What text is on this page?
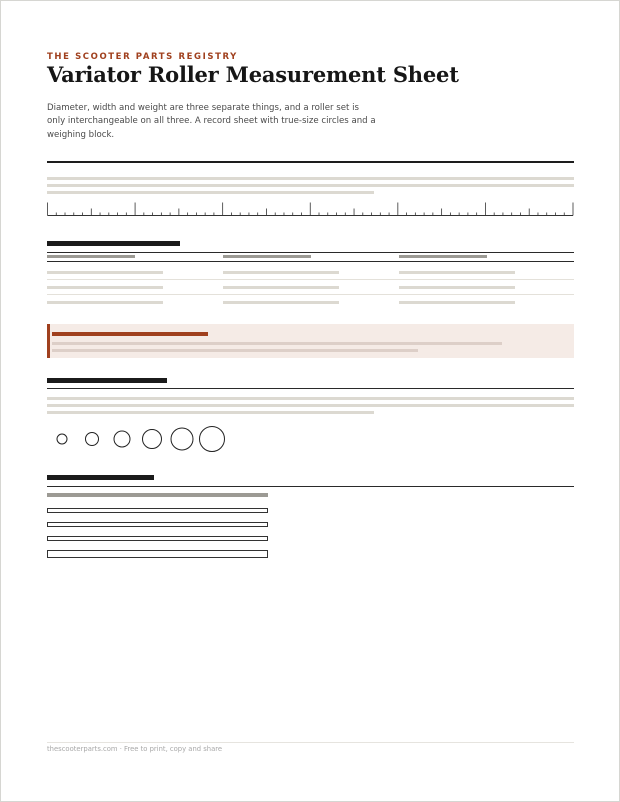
THE SCOOTER PARTS REGISTRY
Variator Roller Measurement Sheet

Diameter, width and weight are three separate things, and a roller set is only interchangeable on all three. A record sheet with true-size circles and a weighing block.

thescooterparts.com · Free to print, copy and share
